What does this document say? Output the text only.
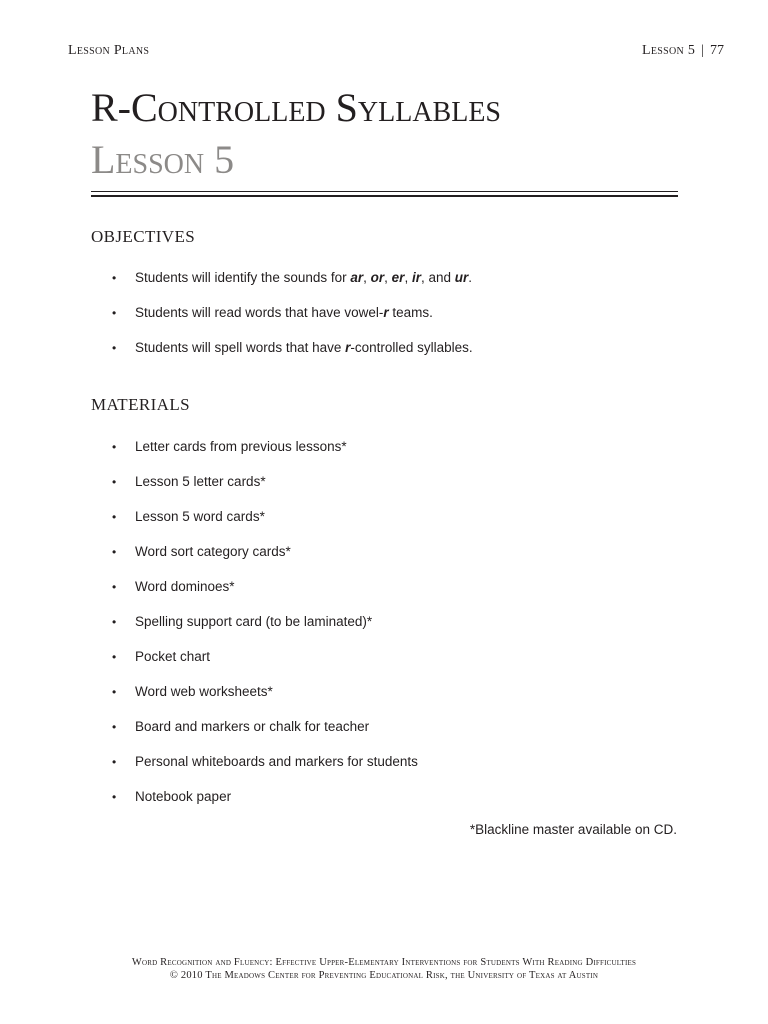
Lesson Plans	Lesson 5 | 77
R-Controlled Syllables
Lesson 5
OBJECTIVES
• Students will identify the sounds for ar, or, er, ir, and ur.
• Students will read words that have vowel-r teams.
• Students will spell words that have r-controlled syllables.
MATERIALS
• Letter cards from previous lessons*
• Lesson 5 letter cards*
• Lesson 5 word cards*
• Word sort category cards*
• Word dominoes*
• Spelling support card (to be laminated)*
• Pocket chart
• Word web worksheets*
• Board and markers or chalk for teacher
• Personal whiteboards and markers for students
• Notebook paper
*Blackline master available on CD.
Word Recognition and Fluency: Effective Upper-Elementary Interventions for Students With Reading Difficulties
© 2010 The Meadows Center for Preventing Educational Risk, the University of Texas at Austin
